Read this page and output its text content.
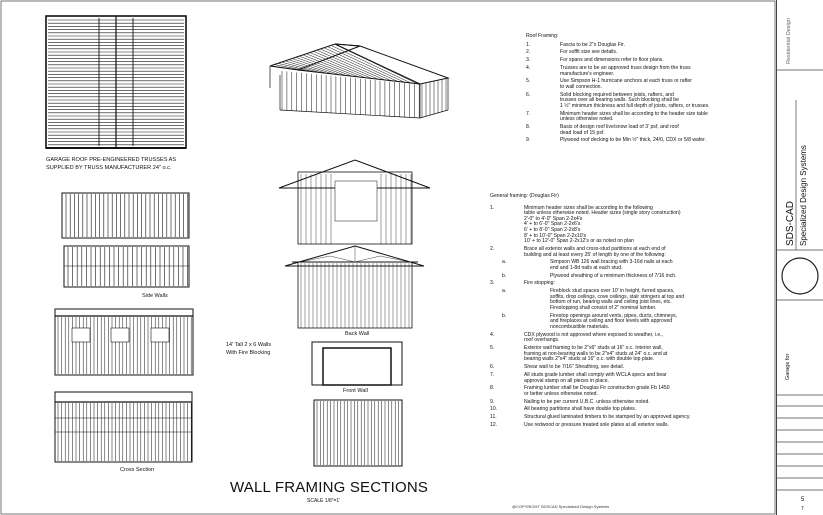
GARAGE ROOF PRE-ENGINEERED TRUSSES AS
SUPPLIED BY TRUSS MANUFACTURER 24" o.c.
Side Walls
Cross Section
Back Wall
Front Wall
14' Tall 2 x 6 Walls
With Fire Blocking
Roof Framing:
1.	Fascia to be 2"x Douglas Fir.
2.	For soffit size see details.
3.	For spans and dimensions refer to floor plans.
4.	Trusses are to be an approved truss design from the truss
manufacture's engineer.
5.	Use Simpson H-1 hurricane anchors at each truss or rafter
to wall connection.
6.	Solid blocking required between joists, rafters, and
trusses over all bearing walls. Such blocking shall be
1 ½" minimum thickness and full depth of joists, rafters, or trusses.
7.	Minimum header sizes shall be according to the header size table
unless otherwise noted.
8.	Basis of design roof live/snow load of 3' psf, and roof
dead load of 15 psf.
9.	Plywood roof decking to be Min ½" thick, 24/0, CDX or 5/8 wafer.
General framing: (Douglas Fir)
1.	Minimum header sizes shall be according to the following
table unless otherwise noted. Header sizes (single story construction)
2'-0" to 4'-0" Span 2-2x4's
4' + to 6'-0" Span 2-2x6's
6' + to 8'-0" Span 2-2x8's
8' + to 10'-0" Span 2-2x10's
10' + to 12'-0" Span 2-2x12's or as noted on plan
2.	Brace all exterior walls and cross-stud partitions at each end of
building and at least every 25' of length by one of the following:
a.	Simpson WB 126 wall bracing with 3-16d nails at each
end and 1-8d nails at each stud.
b.	Plywood sheathing of a minimum thickness of 7/16 inch.
3.	Fire stopping:
a.	Fireblock stud spaces over 10' in height, furred spaces,
soffits, drop ceilings, cove ceilings, stair stringers at top and
bottom of run, bearing walls and ceiling joist lines, etc.
Firestopping shall consist of 2" nominal lumber.
b.	Firestop openings around vents, pipes, ducts, chimneys,
and fireplaces at ceiling and floor levels with approved
noncombustible materials.
4.	CDX plywood is not approved where exposed to weather, i.e.,
roof overhangs.
5.	Exterior wall framing to be 2"x6" studs at 16" o.c. Interior wall,
framing at non-bearing walls to be 2"x4" studs at 24" o.c. and at
bearing walls 2"x4" studs at 16" o.c. with double top plate.
6.	Shear wall to be 7/16" Sheathing, see detail.
7.	All studs grade lumber shall comply with WCLA specs and bear
approval stamp on all pieces in place.
8.	Framing lumber shall be Douglas Fir construction grade Fb 1450
or better unless otherwise noted.
9.	Nailing to be per current U.B.C. unless otherwise noted.
10.	All bearing partitions shall have double top plates.
11.	Structural glued laminated timbers to be stamped by an approved agency.
12.	Use redwood or pressure treated sole plates at all exterior walls.
WALL FRAMING SECTIONS
SCALE 1/8"=1'
@COPYRIGHT SDSCAD Specialized Design Systems
Residential Design
SDS-CAD Specialized Design Systems
Garage for
5
7
